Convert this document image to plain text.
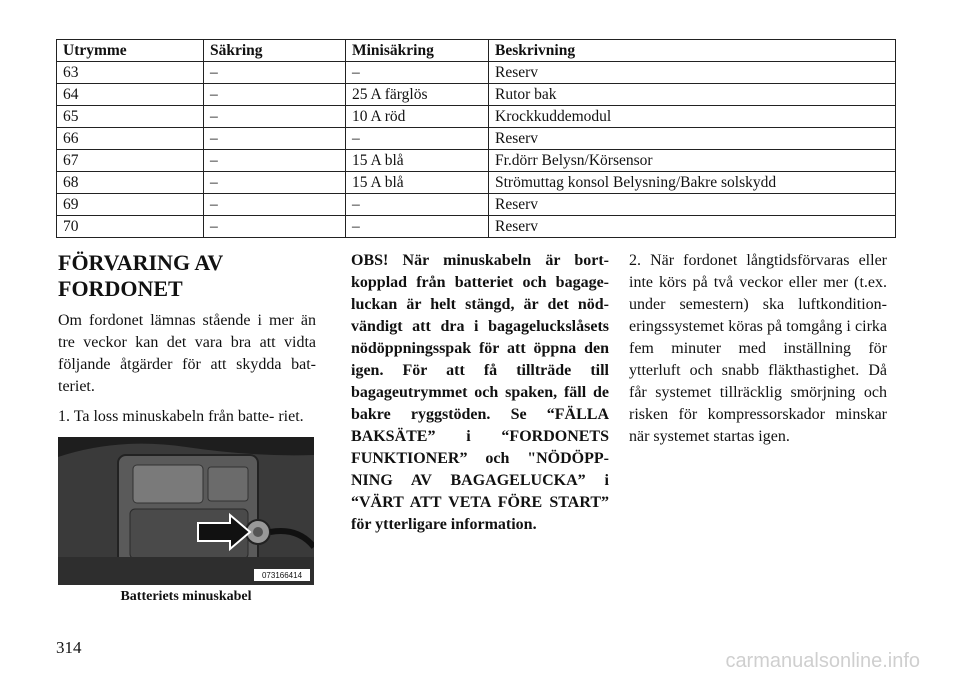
Utrymme	Säkring	Minisäkring	Beskrivning
63	–	–	Reserv
64	–	25 A färglös	Rutor bak
65	–	10 A röd	Krockkuddemodul
66	–	–	Reserv
67	–	15 A blå	Fr.dörr Belysn/Körsensor
68	–	15 A blå	Strömuttag konsol Belysning/Bakre solskydd
69	–	–	Reserv
70	–	–	Reserv
FÖRVARING AV
FORDONET

Om fordonet lämnas stående i mer än tre veckor kan det vara bra att vidta följande åtgärder för att skydda bat- teriet.

1. Ta loss minuskabeln från batte- riet.

073166414
Batteriets minuskabel

OBS! När minuskabeln är bort- kopplad från batteriet och bagage- luckan är helt stängd, är det nöd- vändigt att dra i bagageluckslåsets nödöppningsspak för att öppna den igen. För att få tillträde till bagageutrymmet och spaken, fäll de bakre ryggstöden. Se “FÄLLA BAKSÄTE” i “FORDONETS FUNKTIONER” och "NÖDÖPP- NING AV BAGAGELUCKA” i “VÄRT ATT VETA FÖRE START” för ytterligare information.

2. När fordonet långtidsförvaras eller inte körs på två veckor eller mer (t.ex. under semestern) ska luftkondition- eringssystemet köras på tomgång i cirka fem minuter med inställning för ytterluft och snabb fläkthastighet. Då får systemet tillräcklig smörjning och risken för kompressorskador minskar när systemet startas igen.

314
carmanualsonline.info
